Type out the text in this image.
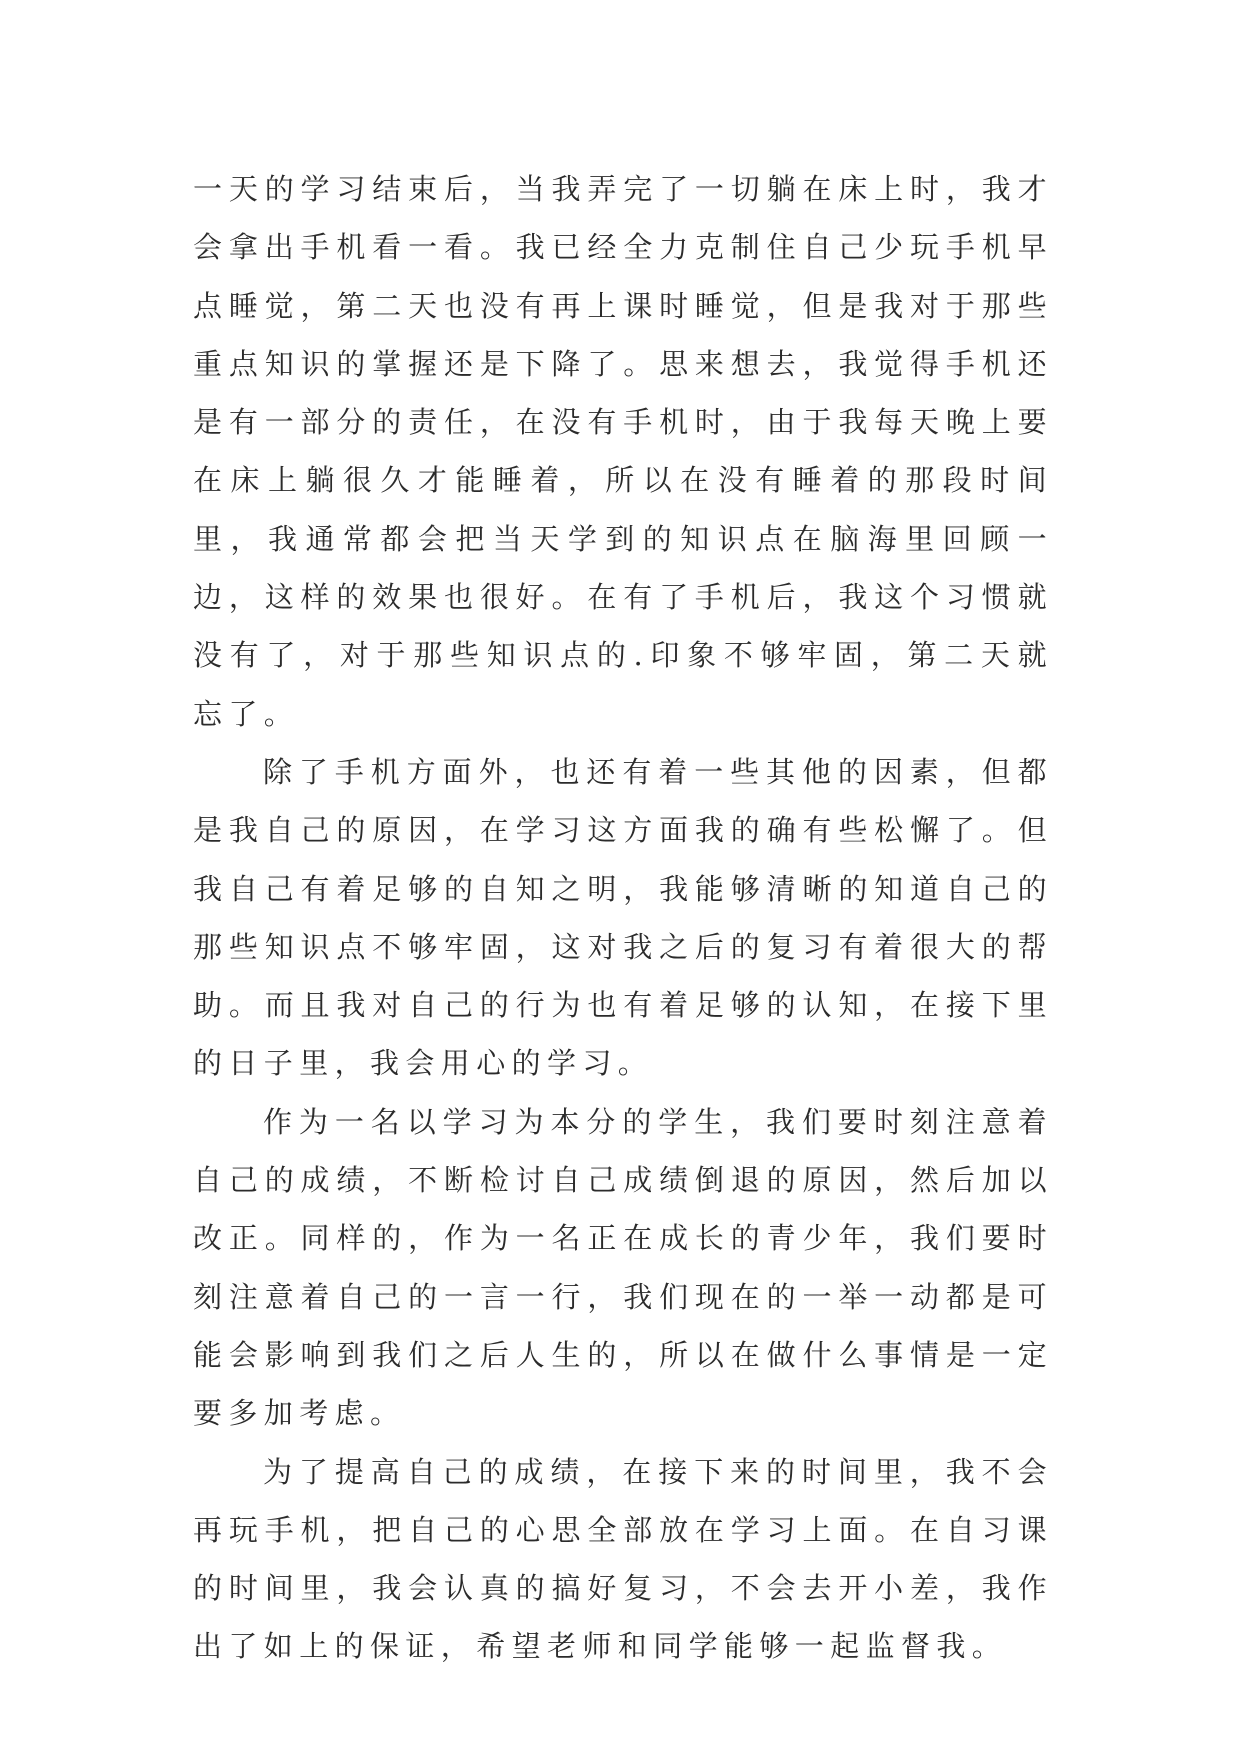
一天的学习结束后，当我弄完了一切躺在床上时，我才会拿出手机看一看。我已经全力克制住自己少玩手机早点睡觉，第二天也没有再上课时睡觉，但是我对于那些重点知识的掌握还是下降了。思来想去，我觉得手机还是有一部分的责任，在没有手机时，由于我每天晚上要在床上躺很久才能睡着，所以在没有睡着的那段时间里，我通常都会把当天学到的知识点在脑海里回顾一边，这样的效果也很好。在有了手机后，我这个习惯就没有了，对于那些知识点的.印象不够牢固，第二天就忘了。

除了手机方面外，也还有着一些其他的因素，但都是我自己的原因，在学习这方面我的确有些松懈了。但我自己有着足够的自知之明，我能够清晰的知道自己的那些知识点不够牢固，这对我之后的复习有着很大的帮助。而且我对自己的行为也有着足够的认知，在接下里的日子里，我会用心的学习。

作为一名以学习为本分的学生，我们要时刻注意着自己的成绩，不断检讨自己成绩倒退的原因，然后加以改正。同样的，作为一名正在成长的青少年，我们要时刻注意着自己的一言一行，我们现在的一举一动都是可能会影响到我们之后人生的，所以在做什么事情是一定要多加考虑。

为了提高自己的成绩，在接下来的时间里，我不会再玩手机，把自己的心思全部放在学习上面。在自习课的时间里，我会认真的搞好复习，不会去开小差，我作出了如上的保证，希望老师和同学能够一起监督我。
